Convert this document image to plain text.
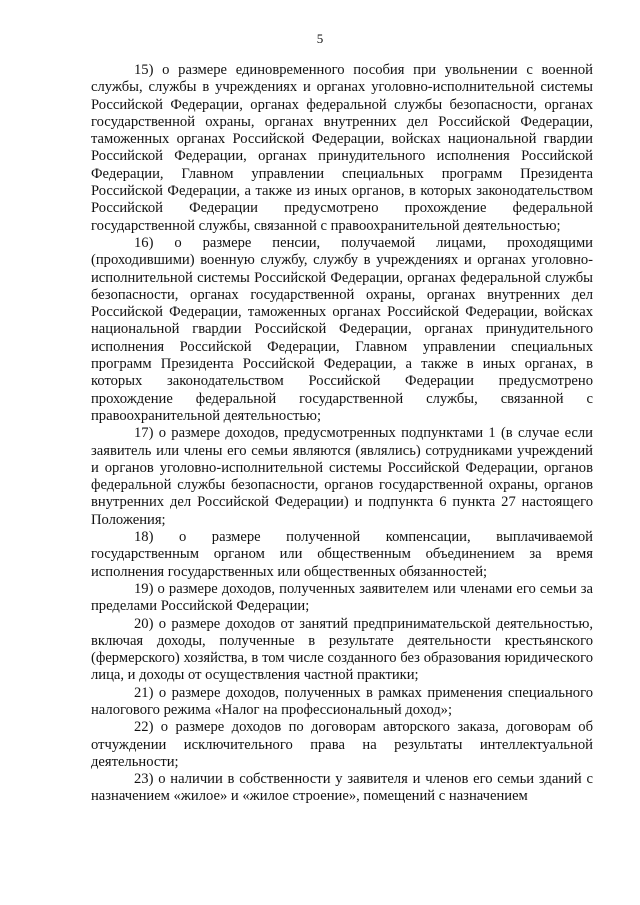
5

15) о размере единовременного пособия при увольнении с военной службы, службы в учреждениях и органах уголовно-исполнительной системы Российской Федерации, органах федеральной службы безопасности, органах государственной охраны, органах внутренних дел Российской Федерации, таможенных органах Российской Федерации, войсках национальной гвардии Российской Федерации, органах принудительного исполнения Российской Федерации, Главном управлении специальных программ Президента Российской Федерации, а также из иных органов, в которых законодательством Российской Федерации предусмотрено прохождение федеральной государственной службы, связанной с правоохранительной деятельностью;

16) о размере пенсии, получаемой лицами, проходящими (проходившими) военную службу, службу в учреждениях и органах уголовно-исполнительной системы Российской Федерации, органах федеральной службы безопасности, органах государственной охраны, органах внутренних дел Российской Федерации, таможенных органах Российской Федерации, войсках национальной гвардии Российской Федерации, органах принудительного исполнения Российской Федерации, Главном управлении специальных программ Президента Российской Федерации, а также в иных органах, в которых законодательством Российской Федерации предусмотрено прохождение федеральной государственной службы, связанной с правоохранительной деятельностью;

17) о размере доходов, предусмотренных подпунктами 1 (в случае если заявитель или члены его семьи являются (являлись) сотрудниками учреждений и органов уголовно-исполнительной системы Российской Федерации, органов федеральной службы безопасности, органов государственной охраны, органов внутренних дел Российской Федерации) и подпункта 6 пункта 27 настоящего Положения;

18) о размере полученной компенсации, выплачиваемой государственным органом или общественным объединением за время исполнения государственных или общественных обязанностей;

19) о размере доходов, полученных заявителем или членами его семьи за пределами Российской Федерации;

20) о размере доходов от занятий предпринимательской деятельностью, включая доходы, полученные в результате деятельности крестьянского (фермерского) хозяйства, в том числе созданного без образования юридического лица, и доходы от осуществления частной практики;

21) о размере доходов, полученных в рамках применения специального налогового режима «Налог на профессиональный доход»;

22) о размере доходов по договорам авторского заказа, договорам об отчуждении исключительного права на результаты интеллектуальной деятельности;

23) о наличии в собственности у заявителя и членов его семьи зданий с назначением «жилое» и «жилое строение», помещений с назначением
